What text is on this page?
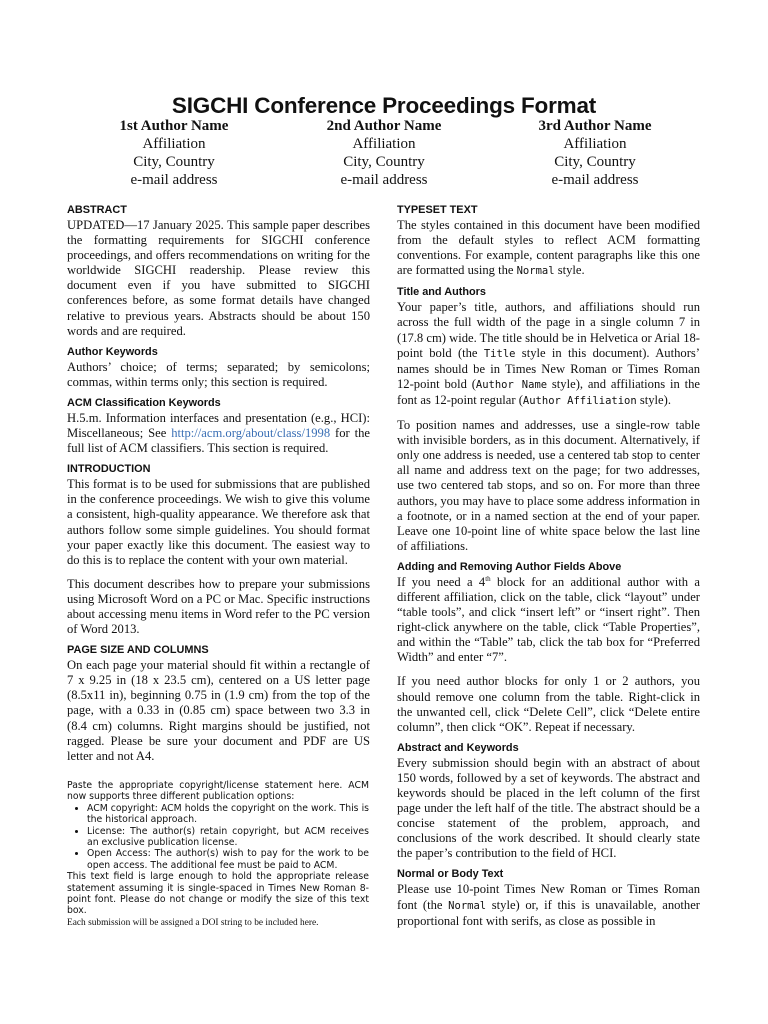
SIGCHI Conference Proceedings Format
1st Author Name
Affiliation
City, Country
e-mail address
2nd Author Name
Affiliation
City, Country
e-mail address
3rd Author Name
Affiliation
City, Country
e-mail address
ABSTRACT

UPDATED—17 January 2025. This sample paper describes the formatting requirements for SIGCHI conference proceedings, and offers recommendations on writing for the worldwide SIGCHI readership. Please review this document even if you have submitted to SIGCHI conferences before, as some format details have changed relative to previous years. Abstracts should be about 150 words and are required.

Author Keywords

Authors’ choice; of terms; separated; by semicolons; commas, within terms only; this section is required.

ACM Classification Keywords

H.5.m. Information interfaces and presentation (e.g., HCI): Miscellaneous; See http://acm.org/about/class/1998 for the full list of ACM classifiers. This section is required.

INTRODUCTION

This format is to be used for submissions that are published in the conference proceedings. We wish to give this volume a consistent, high-quality appearance. We therefore ask that authors follow some simple guidelines. You should format your paper exactly like this document. The easiest way to do this is to replace the content with your own material.

This document describes how to prepare your submissions using Microsoft Word on a PC or Mac. Specific instructions about accessing menu items in Word refer to the PC version of Word 2013.

PAGE SIZE AND COLUMNS

On each page your material should fit within a rectangle of 7 x 9.25 in (18 x 23.5 cm), centered on a US letter page (8.5x11 in), beginning 0.75 in (1.9 cm) from the top of the page, with a 0.33 in (0.85 cm) space between two 3.3 in (8.4 cm) columns. Right margins should be justified, not ragged. Please be sure your document and PDF are US letter and not A4.

Paste the appropriate copyright/license statement here. ACM now supports three different publication options:

• ACM copyright: ACM holds the copyright on the work. This is the historical approach.
• License: The author(s) retain copyright, but ACM receives an exclusive publication license.
• Open Access: The author(s) wish to pay for the work to be open access. The additional fee must be paid to ACM.

This text field is large enough to hold the appropriate release statement assuming it is single-spaced in Times New Roman 8-point font. Please do not change or modify the size of this text box.

Each submission will be assigned a DOI string to be included here.
TYPESET TEXT

The styles contained in this document have been modified from the default styles to reflect ACM formatting conventions. For example, content paragraphs like this one are formatted using the Normal style.

Title and Authors

Your paper’s title, authors, and affiliations should run across the full width of the page in a single column 7 in (17.8 cm) wide. The title should be in Helvetica or Arial 18-point bold (the Title style in this document). Authors’ names should be in Times New Roman or Times Roman 12-point bold (Author Name style), and affiliations in the font as 12-point regular (Author Affiliation style).

To position names and addresses, use a single-row table with invisible borders, as in this document. Alternatively, if only one address is needed, use a centered tab stop to center all name and address text on the page; for two addresses, use two centered tab stops, and so on. For more than three authors, you may have to place some address information in a footnote, or in a named section at the end of your paper. Leave one 10-point line of white space below the last line of affiliations.

Adding and Removing Author Fields Above

If you need a 4th block for an additional author with a different affiliation, click on the table, click “layout” under “table tools”, and click “insert left” or “insert right”. Then right-click anywhere on the table, click “Table Properties”, and within the “Table” tab, click the tab box for “Preferred Width” and enter “7”.

If you need author blocks for only 1 or 2 authors, you should remove one column from the table. Right-click in the unwanted cell, click “Delete Cell”, click “Delete entire column”, then click “OK”. Repeat if necessary.

Abstract and Keywords

Every submission should begin with an abstract of about 150 words, followed by a set of keywords. The abstract and keywords should be placed in the left column of the first page under the left half of the title. The abstract should be a concise statement of the problem, approach, and conclusions of the work described. It should clearly state the paper’s contribution to the field of HCI.

Normal or Body Text

Please use 10-point Times New Roman or Times Roman font (the Normal style) or, if this is unavailable, another proportional font with serifs, as close as possible in
